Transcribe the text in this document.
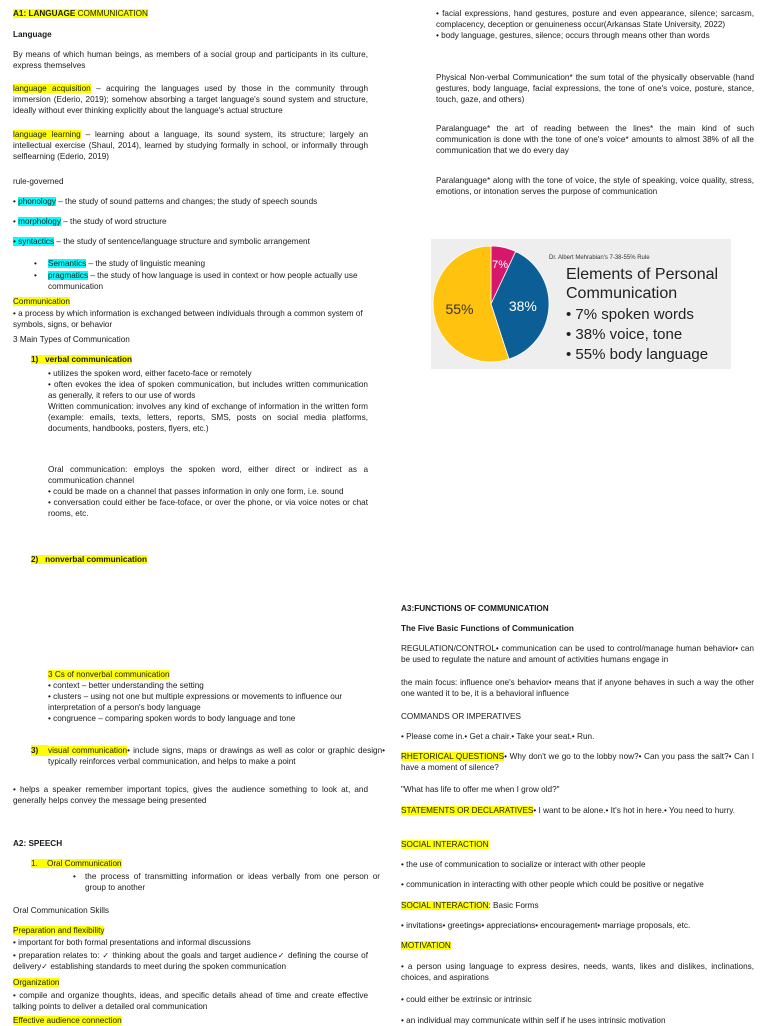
A1: LANGUAGE COMMUNICATION

Language

By means of which human beings, as members of a social group and participants in its culture, express themselves

language acquisition – acquiring the languages used by those in the community through immersion (Ederio, 2019); somehow absorbing a target language's sound system and structure, ideally without ever thinking explicitly about the language's actual structure

language learning – learning about a language, its sound system, its structure; largely an intellectual exercise (Shaul, 2014), learned by studying formally in school, or informally through selflearning (Ederio, 2019)

rule-governed

• phonology – the study of sound patterns and changes; the study of speech sounds

• morphology – the study of word structure

• syntactics – the study of sentence/language structure and symbolic arrangement

• Semantics – the study of linguistic meaning

• pragmatics – the study of how language is used in context or how people actually use communication

Communication

• a process by which information is exchanged between individuals through a common system of symbols, signs, or behavior

3 Main Types of Communication

1) verbal communication

• utilizes the spoken word, either faceto-face or remotely

• often evokes the idea of spoken communication, but includes written communication as generally, it refers to our use of words

Written communication: involves any kind of exchange of information in the written form (example: emails, texts, letters, reports, SMS, posts on social media platforms, documents, handbooks, posters, flyers, etc.)

Oral communication: employs the spoken word, either direct or indirect as a communication channel

• could be made on a channel that passes information in only one form, i.e. sound

• conversation could either be face-toface, or over the phone, or via voice notes or chat rooms, etc.

2) nonverbal communication

3 Cs of nonverbal communication

• context – better understanding the setting

• clusters – using not one but multiple expressions or movements to influence our interpretation of a person's body language

• congruence – comparing spoken words to body language and tone

3) visual communication• include signs, maps or drawings as well as color or graphic design• typically reinforces verbal communication, and helps to make a point

• helps a speaker remember important topics, gives the audience something to look at, and generally helps convey the message being presented

A2: SPEECH

1. Oral Communication

• the process of transmitting information or ideas verbally from one person or group to another

Oral Communication Skills

Preparation and flexibility

• important for both formal presentations and informal discussions

• preparation relates to: ✓ thinking about the goals and target audience✓ defining the course of delivery✓ establishing standards to meet during the spoken communication

Organization

• compile and organize thoughts, ideas, and specific details ahead of time and create effective talking points to deliver a detailed oral communication

Effective audience connection

• facial expressions, hand gestures, posture and even appearance, silence; sarcasm, complacency, deception or genuineness occur(Arkansas State University, 2022)

• body language, gestures, silence; occurs through means other than words

Physical Non-verbal Communication* the sum total of the physically observable (hand gestures, body language, facial expressions, the tone of one's voice, posture, stance, touch, gaze, and others)

Paralanguage* the art of reading between the lines* the main kind of such communication is done with the tone of one's voice* amounts to almost 38% of all the communication that we do every day

Paralanguage* along with the tone of voice, the style of speaking, voice quality, stress, emotions, or intonation serves the purpose of communication

A3:FUNCTIONS OF COMMUNICATION

The Five Basic Functions of Communication

REGULATION/CONTROL• communication can be used to control/manage human behavior• can be used to regulate the nature and amount of activities humans engage in

the main focus: influence one's behavior• means that if anyone behaves in such a way the other one wanted it to be, it is a behavioral influence

COMMANDS OR IMPERATIVES

• Please come in.• Get a chair.• Take your seat.• Run.

RHETORICAL QUESTIONS• Why don't we go to the lobby now?• Can you pass the salt?• Can I have a moment of silence?

"What has life to offer me when I grow old?"

STATEMENTS OR DECLARATIVES• I want to be alone.• It's hot in here.• You need to hurry.

SOCIAL INTERACTION

• the use of communication to socialize or interact with other people

• communication in interacting with other people which could be positive or negative

SOCIAL INTERACTION: Basic Forms

• invitations• greetings• appreciations• encouragement• marriage proposals, etc.

MOTIVATION

• a person using language to express desires, needs, wants, likes and dislikes, inclinations, choices, and aspirations

• could either be extrinsic or intrinsic

• an individual may communicate within self if he uses intrinsic motivation

7%
38%
55%
Dr. Albert Mehrabian's 7-38-55% Rule
Elements of Personal
Communication
• 7% spoken words
• 38% voice, tone
• 55% body language
